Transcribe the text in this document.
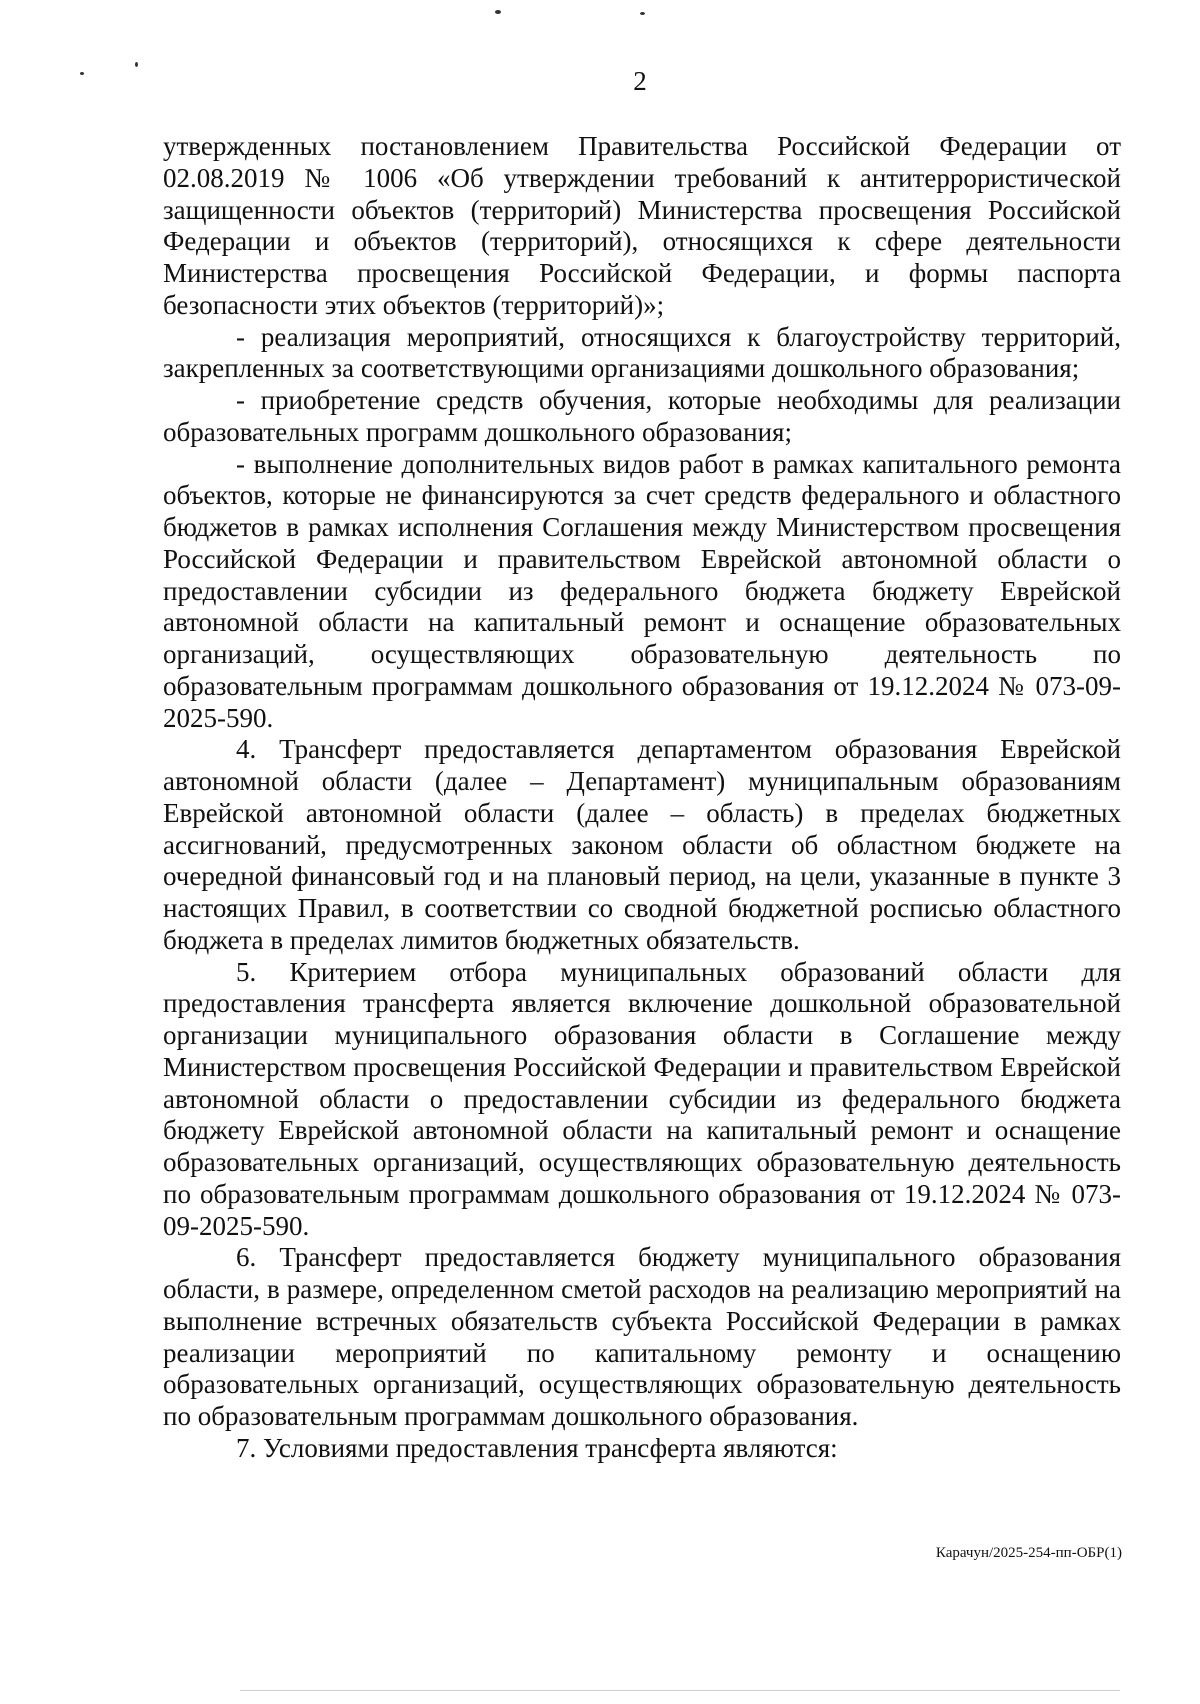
2

утвержденных постановлением Правительства Российской Федерации от 02.08.2019 № 1006 «Об утверждении требований к антитеррористической защищенности объектов (территорий) Министерства просвещения Российской Федерации и объектов (территорий), относящихся к сфере деятельности Министерства просвещения Российской Федерации, и формы паспорта безопасности этих объектов (территорий)»;

- реализация мероприятий, относящихся к благоустройству территорий, закрепленных за соответствующими организациями дошкольного образования;

- приобретение средств обучения, которые необходимы для реализации образовательных программ дошкольного образования;

- выполнение дополнительных видов работ в рамках капитального ремонта объектов, которые не финансируются за счет средств федерального и областного бюджетов в рамках исполнения Соглашения между Министерством просвещения Российской Федерации и правительством Еврейской автономной области о предоставлении субсидии из федерального бюджета бюджету Еврейской автономной области на капитальный ремонт и оснащение образовательных организаций, осуществляющих образовательную деятельность по образовательным программам дошкольного образования от 19.12.2024 № 073-09-2025-590.

4. Трансферт предоставляется департаментом образования Еврейской автономной области (далее – Департамент) муниципальным образованиям Еврейской автономной области (далее – область) в пределах бюджетных ассигнований, предусмотренных законом области об областном бюджете на очередной финансовый год и на плановый период, на цели, указанные в пункте 3 настоящих Правил, в соответствии со сводной бюджетной росписью областного бюджета в пределах лимитов бюджетных обязательств.

5. Критерием отбора муниципальных образований области для предоставления трансферта является включение дошкольной образовательной организации муниципального образования области в Соглашение между Министерством просвещения Российской Федерации и правительством Еврейской автономной области о предоставлении субсидии из федерального бюджета бюджету Еврейской автономной области на капитальный ремонт и оснащение образовательных организаций, осуществляющих образовательную деятельность по образовательным программам дошкольного образования от 19.12.2024 № 073-09-2025-590.

6. Трансферт предоставляется бюджету муниципального образования области, в размере, определенном сметой расходов на реализацию мероприятий на выполнение встречных обязательств субъекта Российской Федерации в рамках реализации мероприятий по капитальному ремонту и оснащению образовательных организаций, осуществляющих образовательную деятельность по образовательным программам дошкольного образования.

7. Условиями предоставления трансферта являются:

Карачун/2025-254-пп-ОБР(1)
